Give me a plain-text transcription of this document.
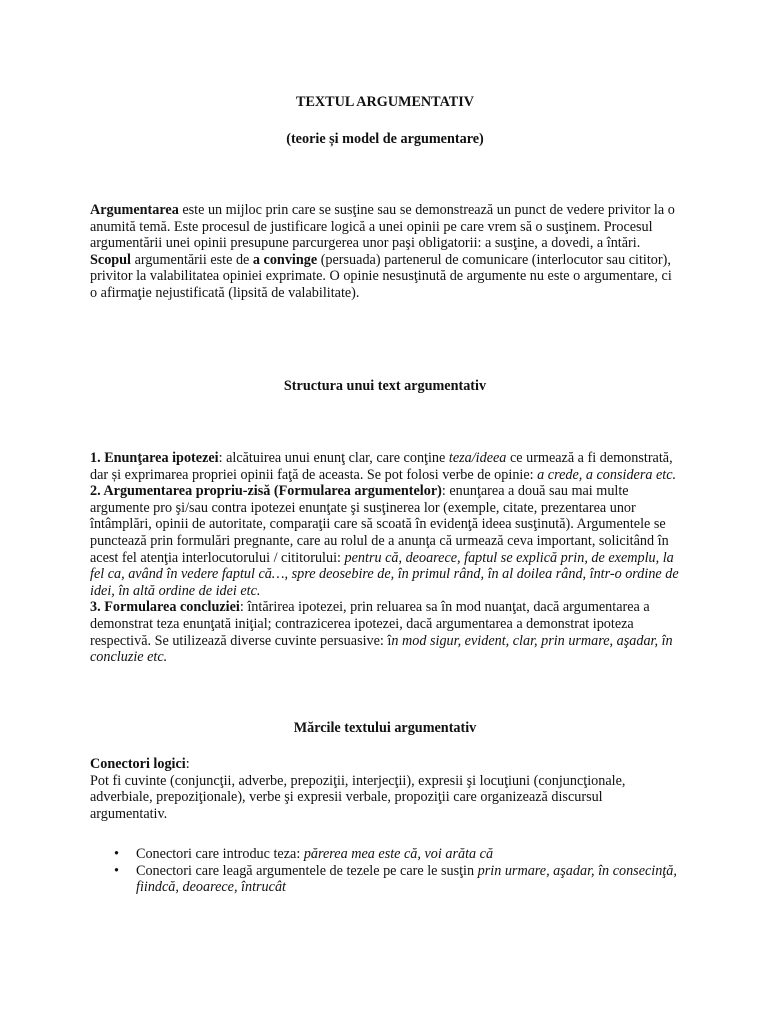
TEXTUL ARGUMENTATIV

(teorie și model de argumentare)

Argumentarea este un mijloc prin care se susţine sau se demonstrează un punct de vedere privitor la o anumită temă. Este procesul de justificare logică a unei opinii pe care vrem să o susţinem. Procesul argumentării unei opinii presupune parcurgerea unor paşi obligatorii: a susţine, a dovedi, a întări.

Scopul argumentării este de a convinge (persuada) partenerul de comunicare (interlocutor sau cititor), privitor la valabilitatea opiniei exprimate. O opinie nesusţinută de argumente nu este o argumentare, ci o afirmaţie nejustificată (lipsită de valabilitate).

Structura unui text argumentativ

1. Enunţarea ipotezei: alcătuirea unui enunţ clar, care conţine teza/ideea ce urmează a fi demonstrată, dar și exprimarea propriei opinii faţă de aceasta. Se pot folosi verbe de opinie: a crede, a considera etc.

2. Argumentarea propriu-zisă (Formularea argumentelor): enunţarea a două sau mai multe argumente pro şi/sau contra ipotezei enunţate şi susţinerea lor (exemple, citate, prezentarea unor întâmplări, opinii de autoritate, comparaţii care să scoată în evidenţă ideea susţinută). Argumentele se punctează prin formulări pregnante, care au rolul de a anunţa că urmează ceva important, solicitând în acest fel atenţia interlocutorului / cititorului: pentru că, deoarece, faptul se explică prin, de exemplu, la fel ca, având în vedere faptul că…, spre deosebire de, în primul rând, în al doilea rând, într-o ordine de idei, în altă ordine de idei etc.

3. Formularea concluziei: întărirea ipotezei, prin reluarea sa în mod nuanţat, dacă argumentarea a demonstrat teza enunţată iniţial; contrazicerea ipotezei, dacă argumentarea a demonstrat ipoteza respectivă. Se utilizează diverse cuvinte persuasive: în mod sigur, evident, clar, prin urmare, aşadar, în concluzie etc.

Mărcile textului argumentativ

Conectori logici:

Pot fi cuvinte (conjuncţii, adverbe, prepoziţii, interjecţii), expresii şi locuţiuni (conjuncţionale, adverbiale, prepoziţionale), verbe şi expresii verbale, propoziţii care organizează discursul argumentativ.

• Conectori care introduc teza: părerea mea este că, voi arăta că
• Conectori care leagă argumentele de tezele pe care le susţin prin urmare, aşadar, în consecinţă, fiindcă, deoarece, întrucât
